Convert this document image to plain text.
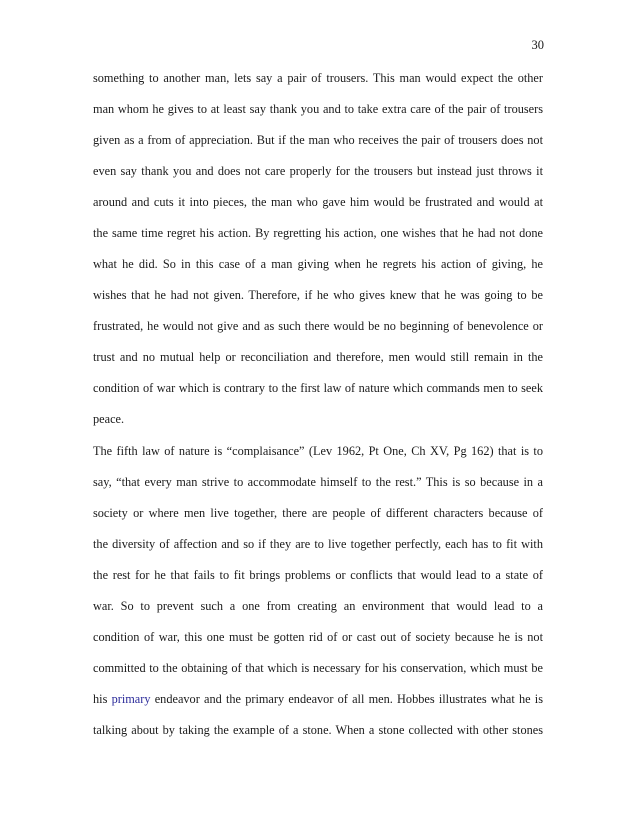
30
something to another man, lets say a pair of trousers. This man would expect the other
man whom he gives to at least say thank you and to take extra care of the pair of trousers
given as a from of appreciation. But if the man who receives the pair of trousers does not
even say thank you and does not care properly for the trousers but instead just throws it
around and cuts it into pieces, the man who gave him would be frustrated and would at
the same time regret his action. By regretting his action, one wishes that he had not done
what he did. So in this case of a man giving when he regrets his action of giving, he
wishes that he had not given. Therefore, if he who gives knew that he was going to be
frustrated, he would not give and as such there would be no beginning of benevolence or
trust and no mutual help or reconciliation and therefore, men would still remain in the
condition of war which is contrary to the first law of nature which commands men to seek
peace.
The fifth law of nature is “complaisance” (Lev 1962, Pt One, Ch XV, Pg 162) that is to
say, “that every man strive to accommodate himself to the rest.” This is so because in a
society or where men live together, there are people of different characters because of
the diversity of affection and so if they are to live together perfectly, each has to fit with
the rest for he that fails to fit brings problems or conflicts that would lead to a state of
war. So to prevent such a one from creating an environment that would lead to a
condition of war, this one must be gotten rid of or cast out of society because he is not
committed to the obtaining of that which is necessary for his conservation, which must be
his primary endeavor and the primary endeavor of all men. Hobbes illustrates what he is
talking about by taking the example of a stone. When a stone collected with other stones
